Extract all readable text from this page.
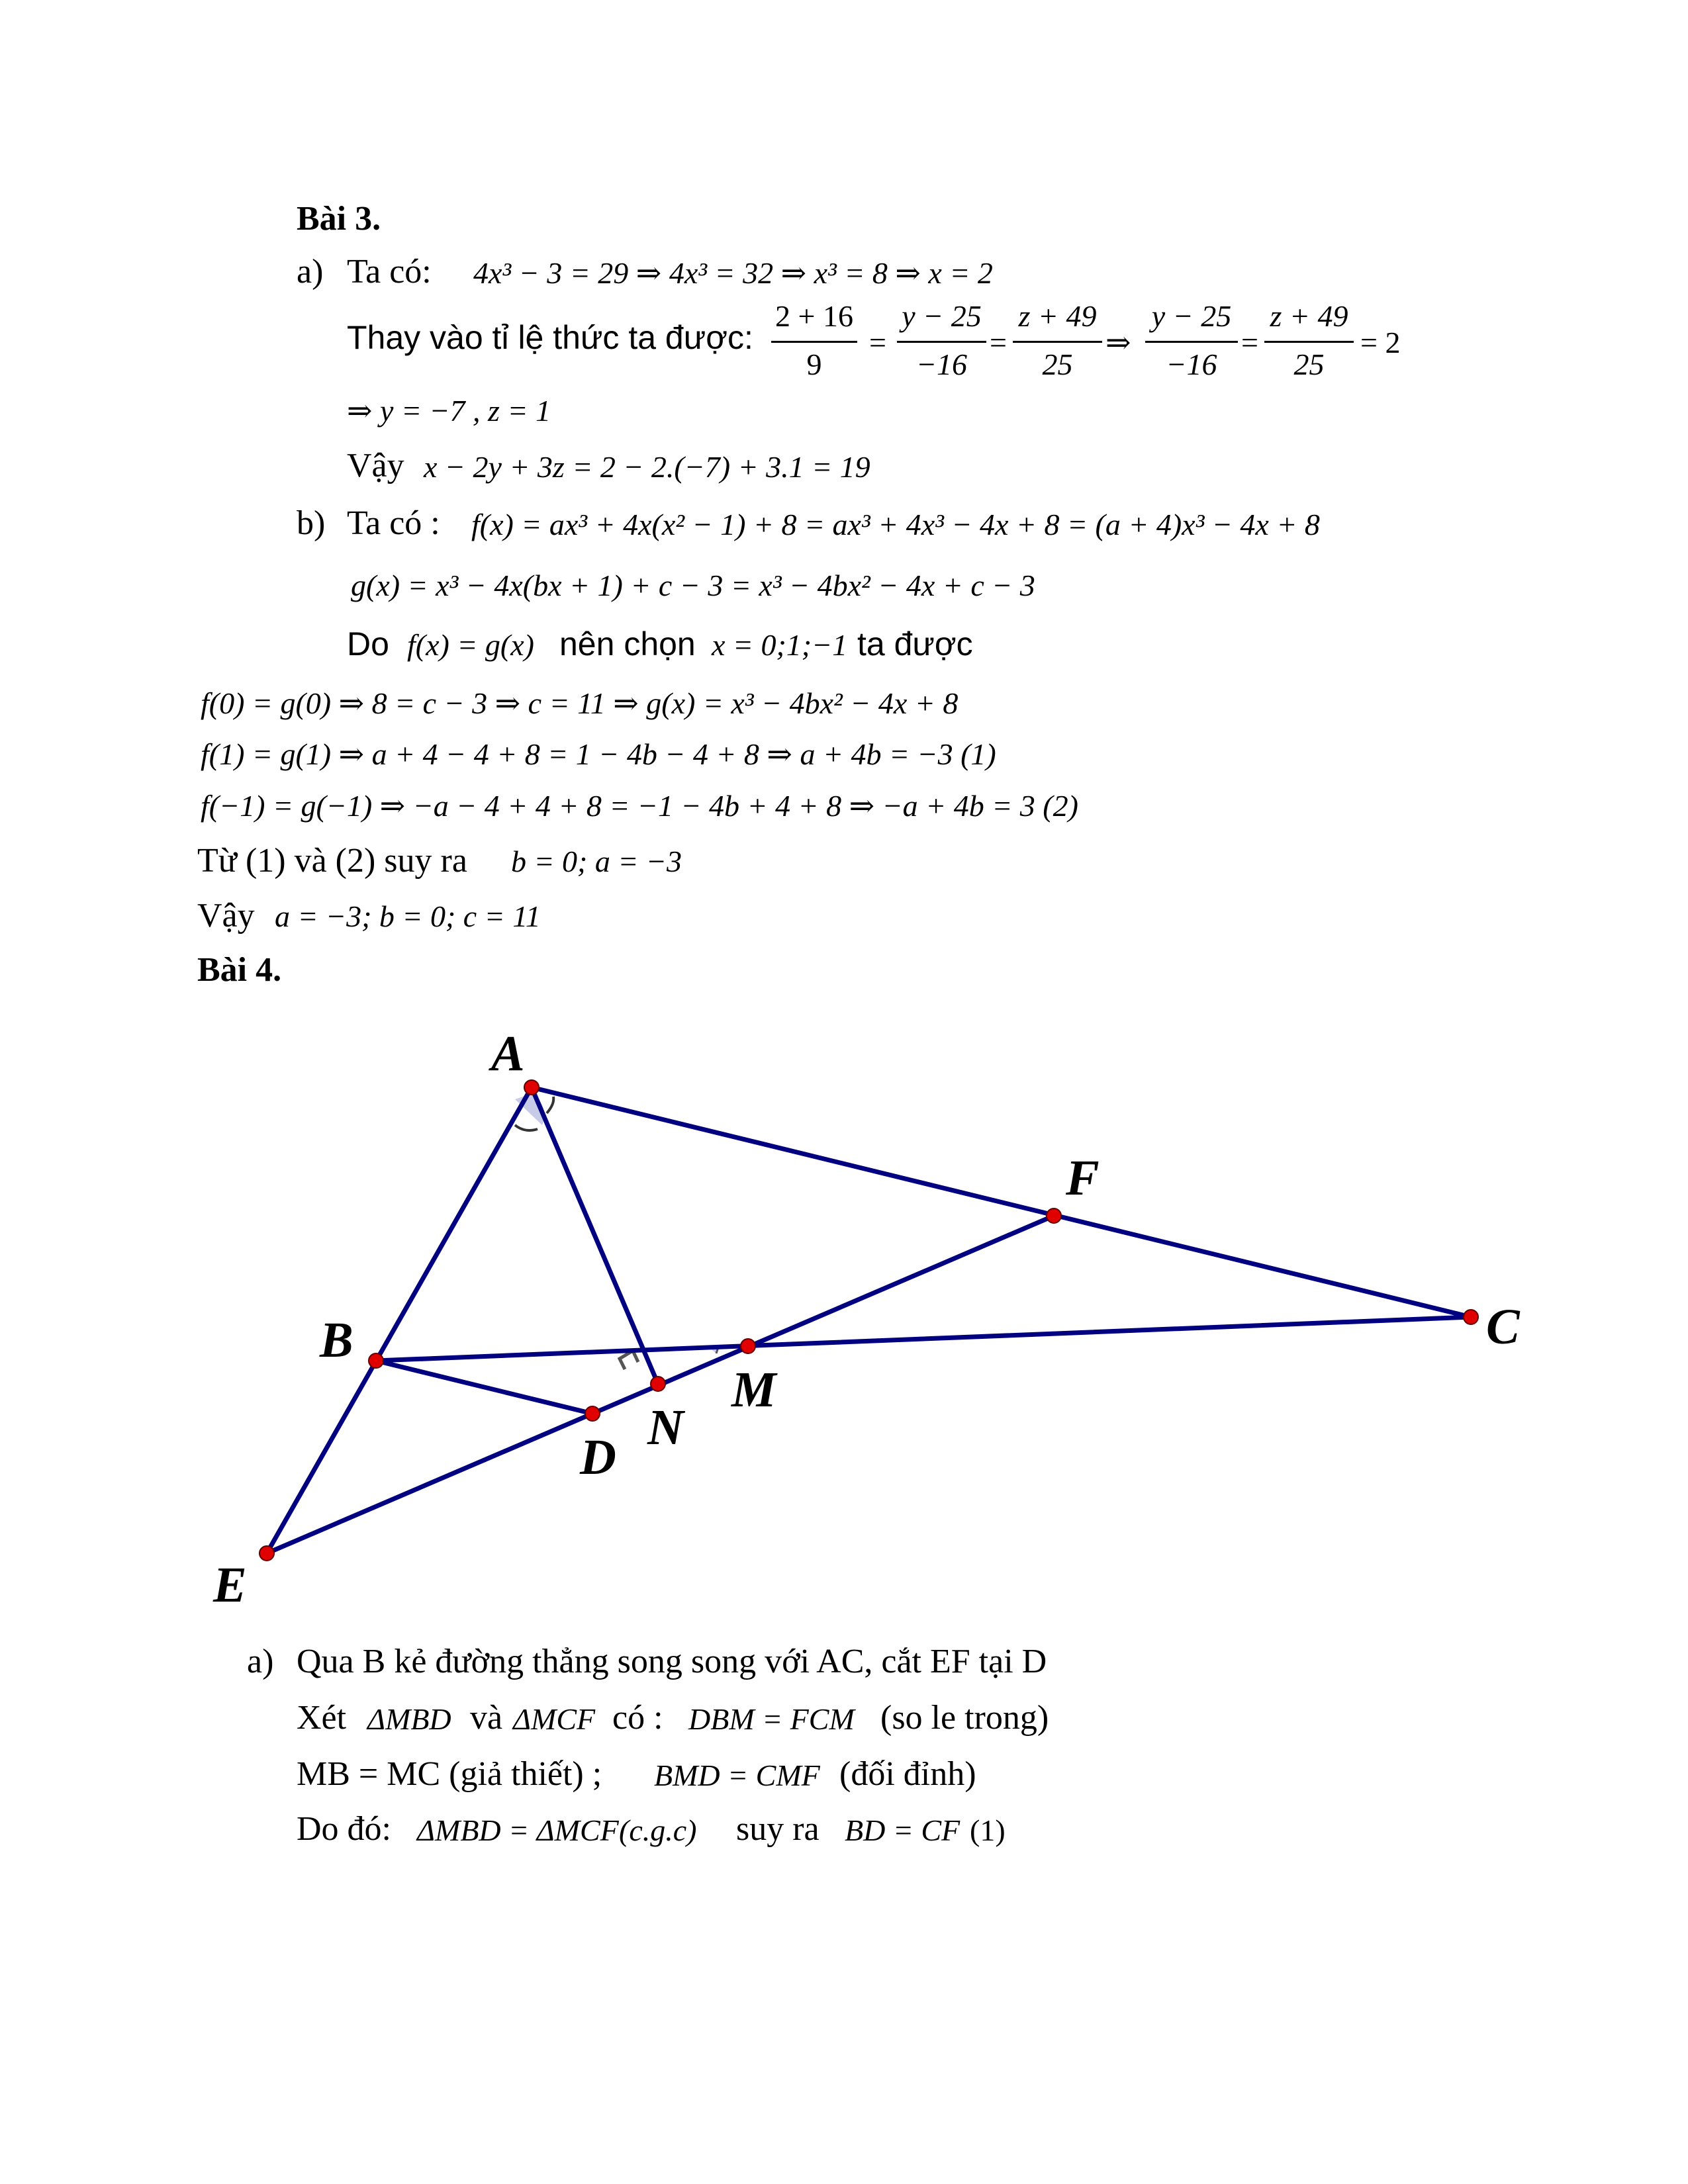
Bài 3.
a) Ta có: 4x³ − 3 = 29 ⇒ 4x³ = 32 ⇒ x³ = 8 ⇒ x = 2
Thay vào tỉ lệ thức ta được:
2 + 16
9
=
y − 25
−16
=
z + 49
25
⇒
y − 25
−16
=
z + 49
25
= 2
⇒ y = −7 , z = 1
Vậy x − 2y + 3z = 2 − 2.(−7) + 3.1 = 19
b) Ta có : f(x) = ax³ + 4x(x² − 1) + 8 = ax³ + 4x³ − 4x + 8 = (a + 4)x³ − 4x + 8
g(x) = x³ − 4x(bx + 1) + c − 3 = x³ − 4bx² − 4x + c − 3
Do f(x) = g(x) nên chọn x = 0;1;−1 ta được
f(0) = g(0) ⇒ 8 = c − 3 ⇒ c = 11 ⇒ g(x) = x³ − 4bx² − 4x + 8
f(1) = g(1) ⇒ a + 4 − 4 + 8 = 1 − 4b − 4 + 8 ⇒ a + 4b = −3 (1)
f(−1) = g(−1) ⇒ −a − 4 + 4 + 8 = −1 − 4b + 4 + 8 ⇒ −a + 4b = 3 (2)
Từ (1) và (2) suy ra b = 0; a = −3
Vậy a = −3; b = 0; c = 11
Bài 4.
A
B	C
D
E
F
M
N
a) Qua B kẻ đường thẳng song song với AC, cắt EF tại D
Xét ΔMBD và ΔMCF có : DBM = FCM (so le trong)
MB = MC (giả thiết) ; BMD = CMF (đối đỉnh)
Do đó: ΔMBD = ΔMCF (c.g.c) suy ra BD = CF (1)
